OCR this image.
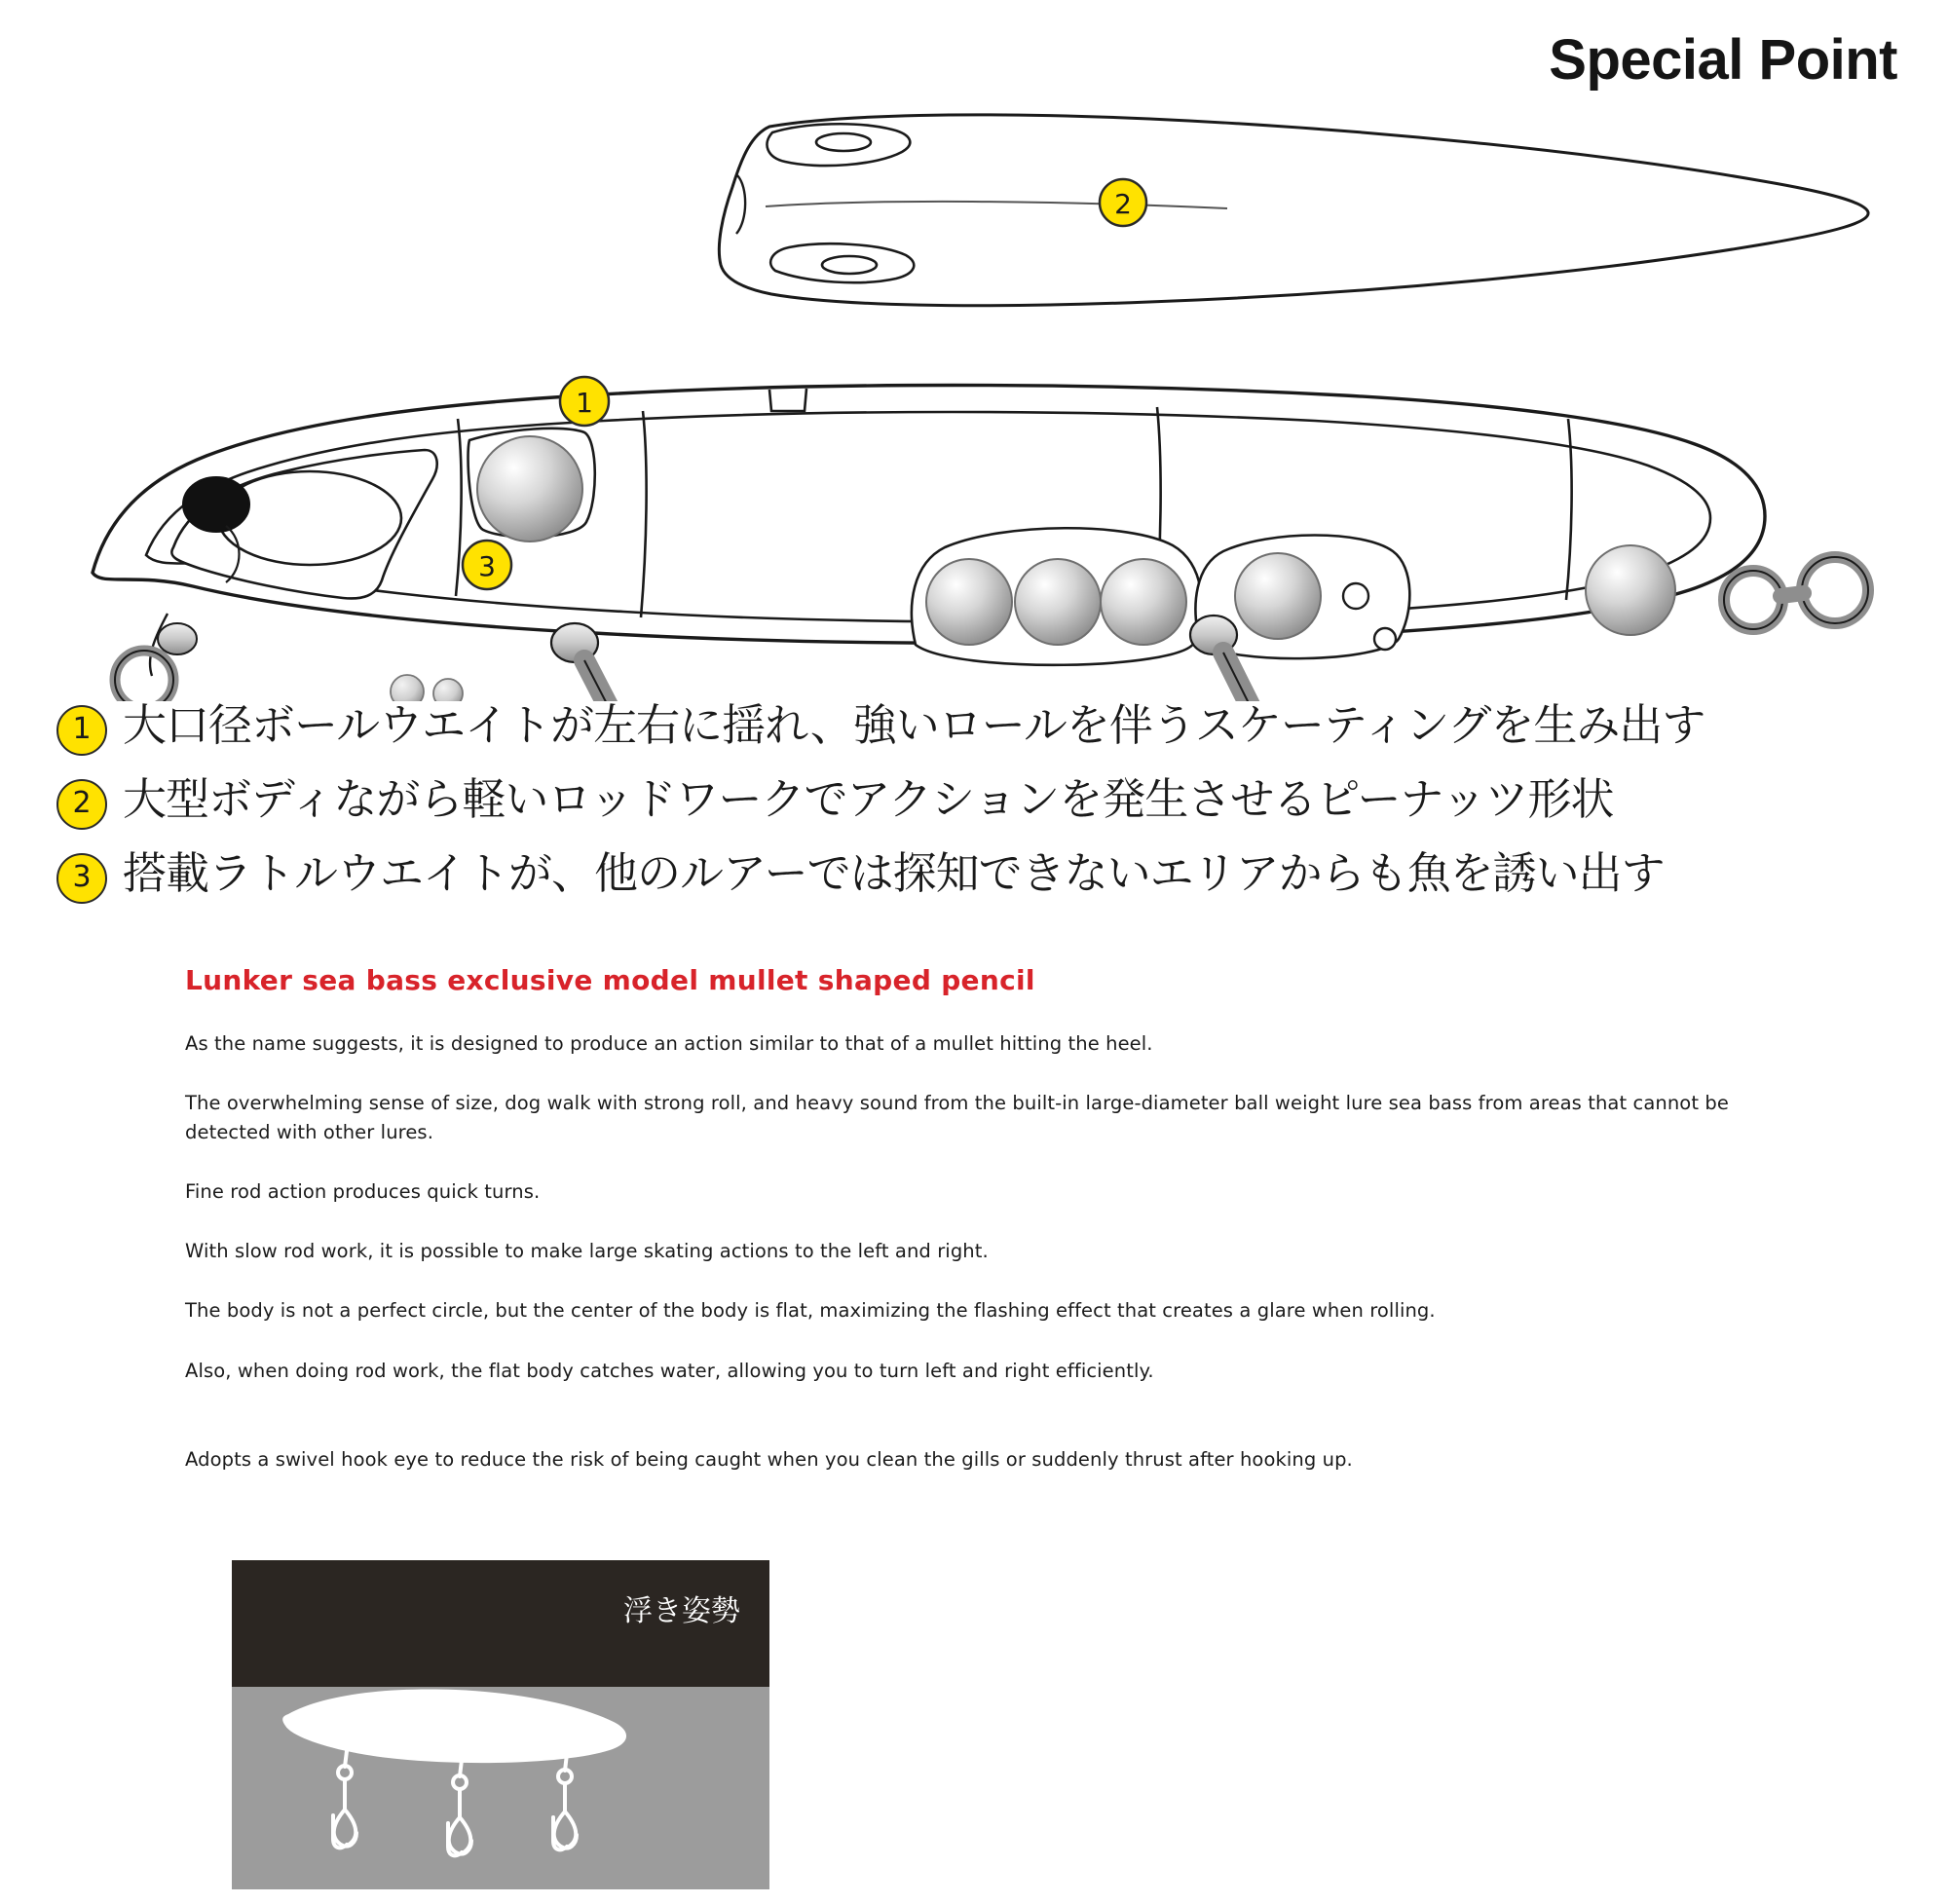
Special Point
2
1
3
1 大口径ボールウエイトが左右に揺れ、強いロールを伴うスケーティングを生み出す
2 大型ボディながら軽いロッドワークでアクションを発生させるピーナッツ形状
3 搭載ラトルウエイトが、他のルアーでは探知できないエリアからも魚を誘い出す
Lunker sea bass exclusive model mullet shaped pencil

As the name suggests, it is designed to produce an action similar to that of a mullet hitting the heel.

The overwhelming sense of size, dog walk with strong roll, and heavy sound from the built-in large-diameter ball weight lure sea bass from areas that cannot be detected with other lures.

Fine rod action produces quick turns.

With slow rod work, it is possible to make large skating actions to the left and right.

The body is not a perfect circle, but the center of the body is flat, maximizing the flashing effect that creates a glare when rolling.

Also, when doing rod work, the flat body catches water, allowing you to turn left and right efficiently.

Adopts a swivel hook eye to reduce the risk of being caught when you clean the gills or suddenly thrust after hooking up.

浮き姿勢
